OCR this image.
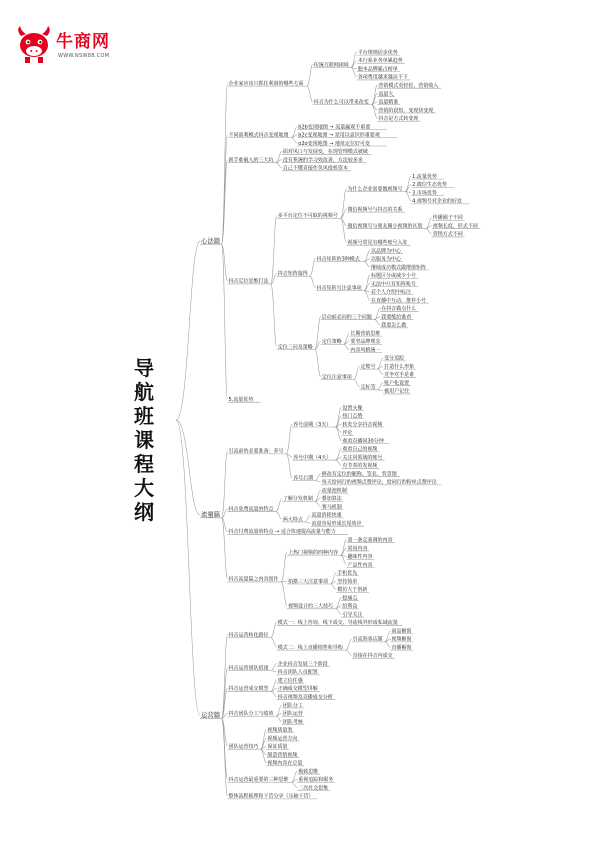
牛商网
WWW.NSW88.COM
导航班课程大纲
心法篇
企业家应该只抓住利润的哪些方面
传统互联网困境
平台规则话步优势
本行系业务单累趋势
独本品牌霸占榜单
各项费用越来越高不下
抖音为什么可以带来改变
营销模式更轻松，营销收入
流量大
流量精准
营销阶段短，变现快变现
抖音是方式转变现
不同盈利模式抖音变现地图
b2b变现地图 → 流量赢观不重要
b2c变现地图 → 是用以意识形重要观
o2o变现地图 → 地址定位好可变
新手难破入的三大坑
面对风口与发展变，在现管理模式就破
没有系统的学习效改善，方法较多多
自己不懂直接作负风投机资本
抖音定位思维打法
多平台定位不可取的视频号
为什么企业需要做视频号
1.流量优势
2.微信生态优势
3.市场优势
4.视频号对企业的好处
微信视频号与抖音的关系
微信视频号与朋友圈小视频的区别
传播圈子不同
视频长度，形式不同
营销方式不同
视频号常见有哪些账号入驻
抖音矩阵篇得
抖音矩阵的3种模式
以品牌为中心
以服务为中心
继续成功模式做增值矩阵
抖音矩阵号注意事项
标题区分或减少小号
无法中只有矩阵账号
若个人介绍中标注
在直播中互动，推荐小号
定位三问及策略
启动前必问的三个问题
在抖音做点什么
我要能给谁看
我要怎么做
定位策略
长期营销思维
要坚品牌理念
内容风格统一
定位注意事项
定账号
变分追踪
打造什么形象
竞争对手是谁
定标签
账户化设置
被用户记住
5.流量优势
流量篇
引流前的必要准备：养号
养号前期（3天）
设置头像
热门点赞
转发分享抖音视频
评论
观看直播间30分钟
养号中期（4天）
观看自己的视频
关注同领域的账号
有节奏的发视频
养号后期
修改有定位的昵称、签名、背景图
每天给同行的视频点赞评论，给同行的粉丝点赞评论
抖音免费流量的特点
了解分发机制
流量池机制
叠加算法
赛马机制
两大特点
流量消耗快速
流量容易形成长尾效应
抖音付费流量的特点 → 适合快速提高流量与能力
抖音流量篇之内容创作
上热门视频的四种内容
第一条定基调的内容
常用内容
趣味性内容
产品性内容
拍摄三大注意事项
手机优先
坚持简单
模仿大于创新
视频设计的三大技巧
挖痛点
给利益
引导关注
运营篇
抖音运营转化路径
模式一：线上咨询、线下成交、导流线外形成私域流量
模式二：线上直播销售和导购
引流海客店铺
商品橱窗
视频橱窗
直播橱窗
直接在抖音内成交
抖音运营团队搭建
企业抖音发展三个阶段
抖音团队人员配置
抖音运营成交模型
建立信任感
正确成交模型讲解
抖音视频及直播成交分析
抖音团队分工与绩效
团队分工
团队运营
团队考核
团队运营技巧
视频质量类
视频运营方向
保证质量
制造营销视频
视频内容在总量
抖音运营最重要的三种思维
极致思维
重视追踪和服务
二次社会思维
整体流程梳理和干货分享（压轴干货）
